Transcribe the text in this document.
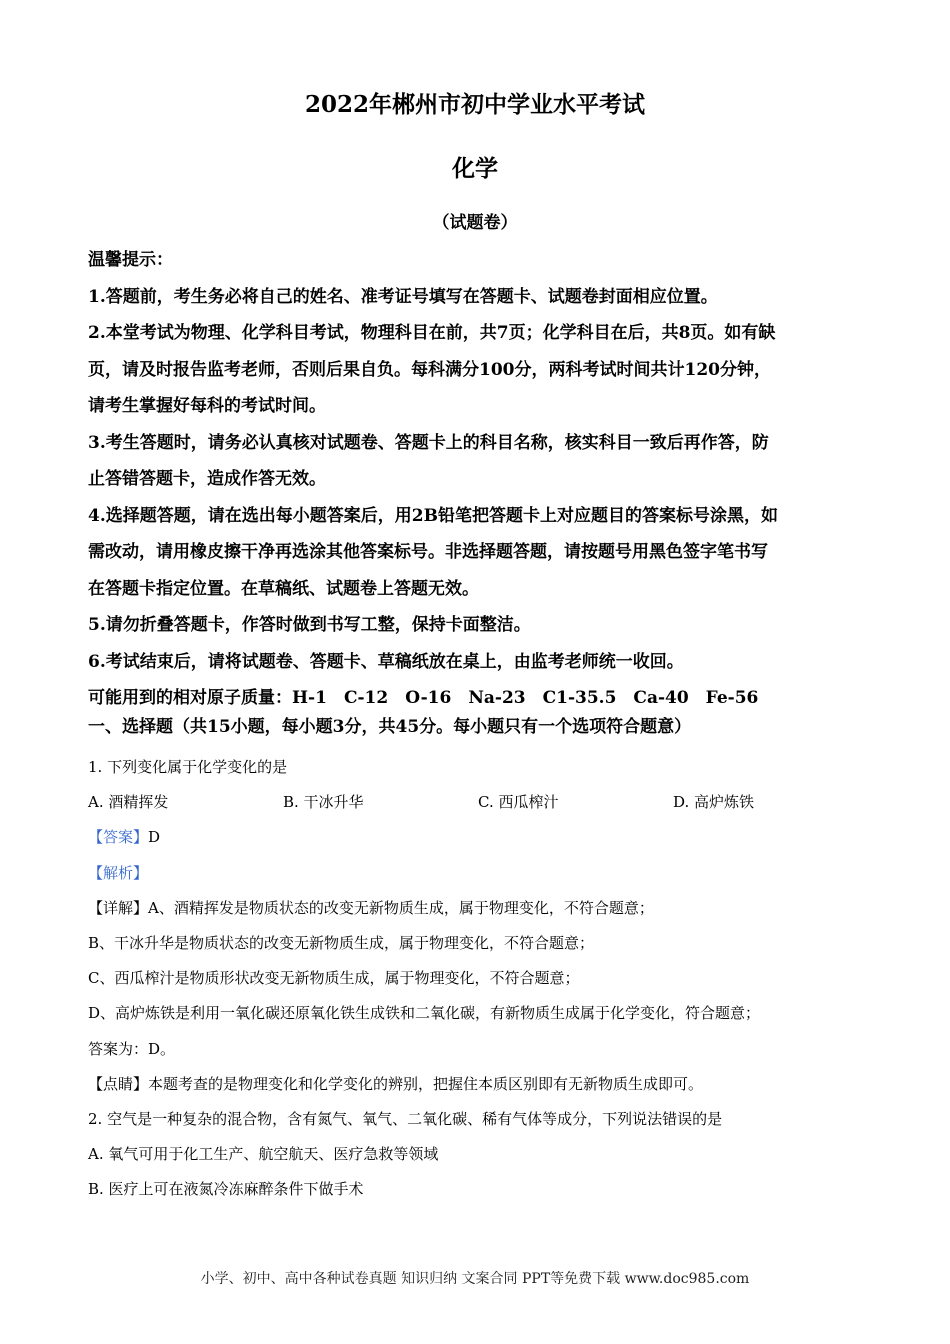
2022年郴州市初中学业水平考试
化学
（试题卷）

温馨提示：

1.答题前，考生务必将自己的姓名、准考证号填写在答题卡、试题卷封面相应位置。

2.本堂考试为物理、化学科目考试，物理科目在前，共7页；化学科目在后，共8页。如有缺

页，请及时报告监考老师，否则后果自负。每科满分100分，两科考试时间共计120分钟，

请考生掌握好每科的考试时间。

3.考生答题时，请务必认真核对试题卷、答题卡上的科目名称，核实科目一致后再作答，防

止答错答题卡，造成作答无效。

4.选择题答题，请在选出每小题答案后，用2B铅笔把答题卡上对应题目的答案标号涂黑，如

需改动，请用橡皮擦干净再选涂其他答案标号。非选择题答题，请按题号用黑色签字笔书写

在答题卡指定位置。在草稿纸、试题卷上答题无效。

5.请勿折叠答题卡，作答时做到书写工整，保持卡面整洁。

6.考试结束后，请将试题卷、答题卡、草稿纸放在桌上，由监考老师统一收回。

可能用到的相对原子质量：H-1　C-12　O-16　Na-23　C1-35.5　Ca-40　Fe-56

一、选择题（共15小题，每小题3分，共45分。每小题只有一个选项符合题意）

1. 下列变化属于化学变化的是

A. 酒精挥发	B. 干冰升华	C. 西瓜榨汁	D. 高炉炼铁

【答案】D

【解析】

【详解】A、酒精挥发是物质状态的改变无新物质生成，属于物理变化，不符合题意；

B、干冰升华是物质状态的改变无新物质生成，属于物理变化，不符合题意；

C、西瓜榨汁是物质形状改变无新物质生成，属于物理变化，不符合题意；

D、高炉炼铁是利用一氧化碳还原氧化铁生成铁和二氧化碳，有新物质生成属于化学变化，符合题意；

答案为：D。

【点睛】本题考查的是物理变化和化学变化的辨别，把握住本质区别即有无新物质生成即可。

2. 空气是一种复杂的混合物，含有氮气、氧气、二氧化碳、稀有气体等成分，下列说法错误的是

A. 氧气可用于化工生产、航空航天、医疗急救等领域

B. 医疗上可在液氮冷冻麻醉条件下做手术

小学、初中、高中各种试卷真题 知识归纳 文案合同 PPT等免费下载 www.doc985.com
